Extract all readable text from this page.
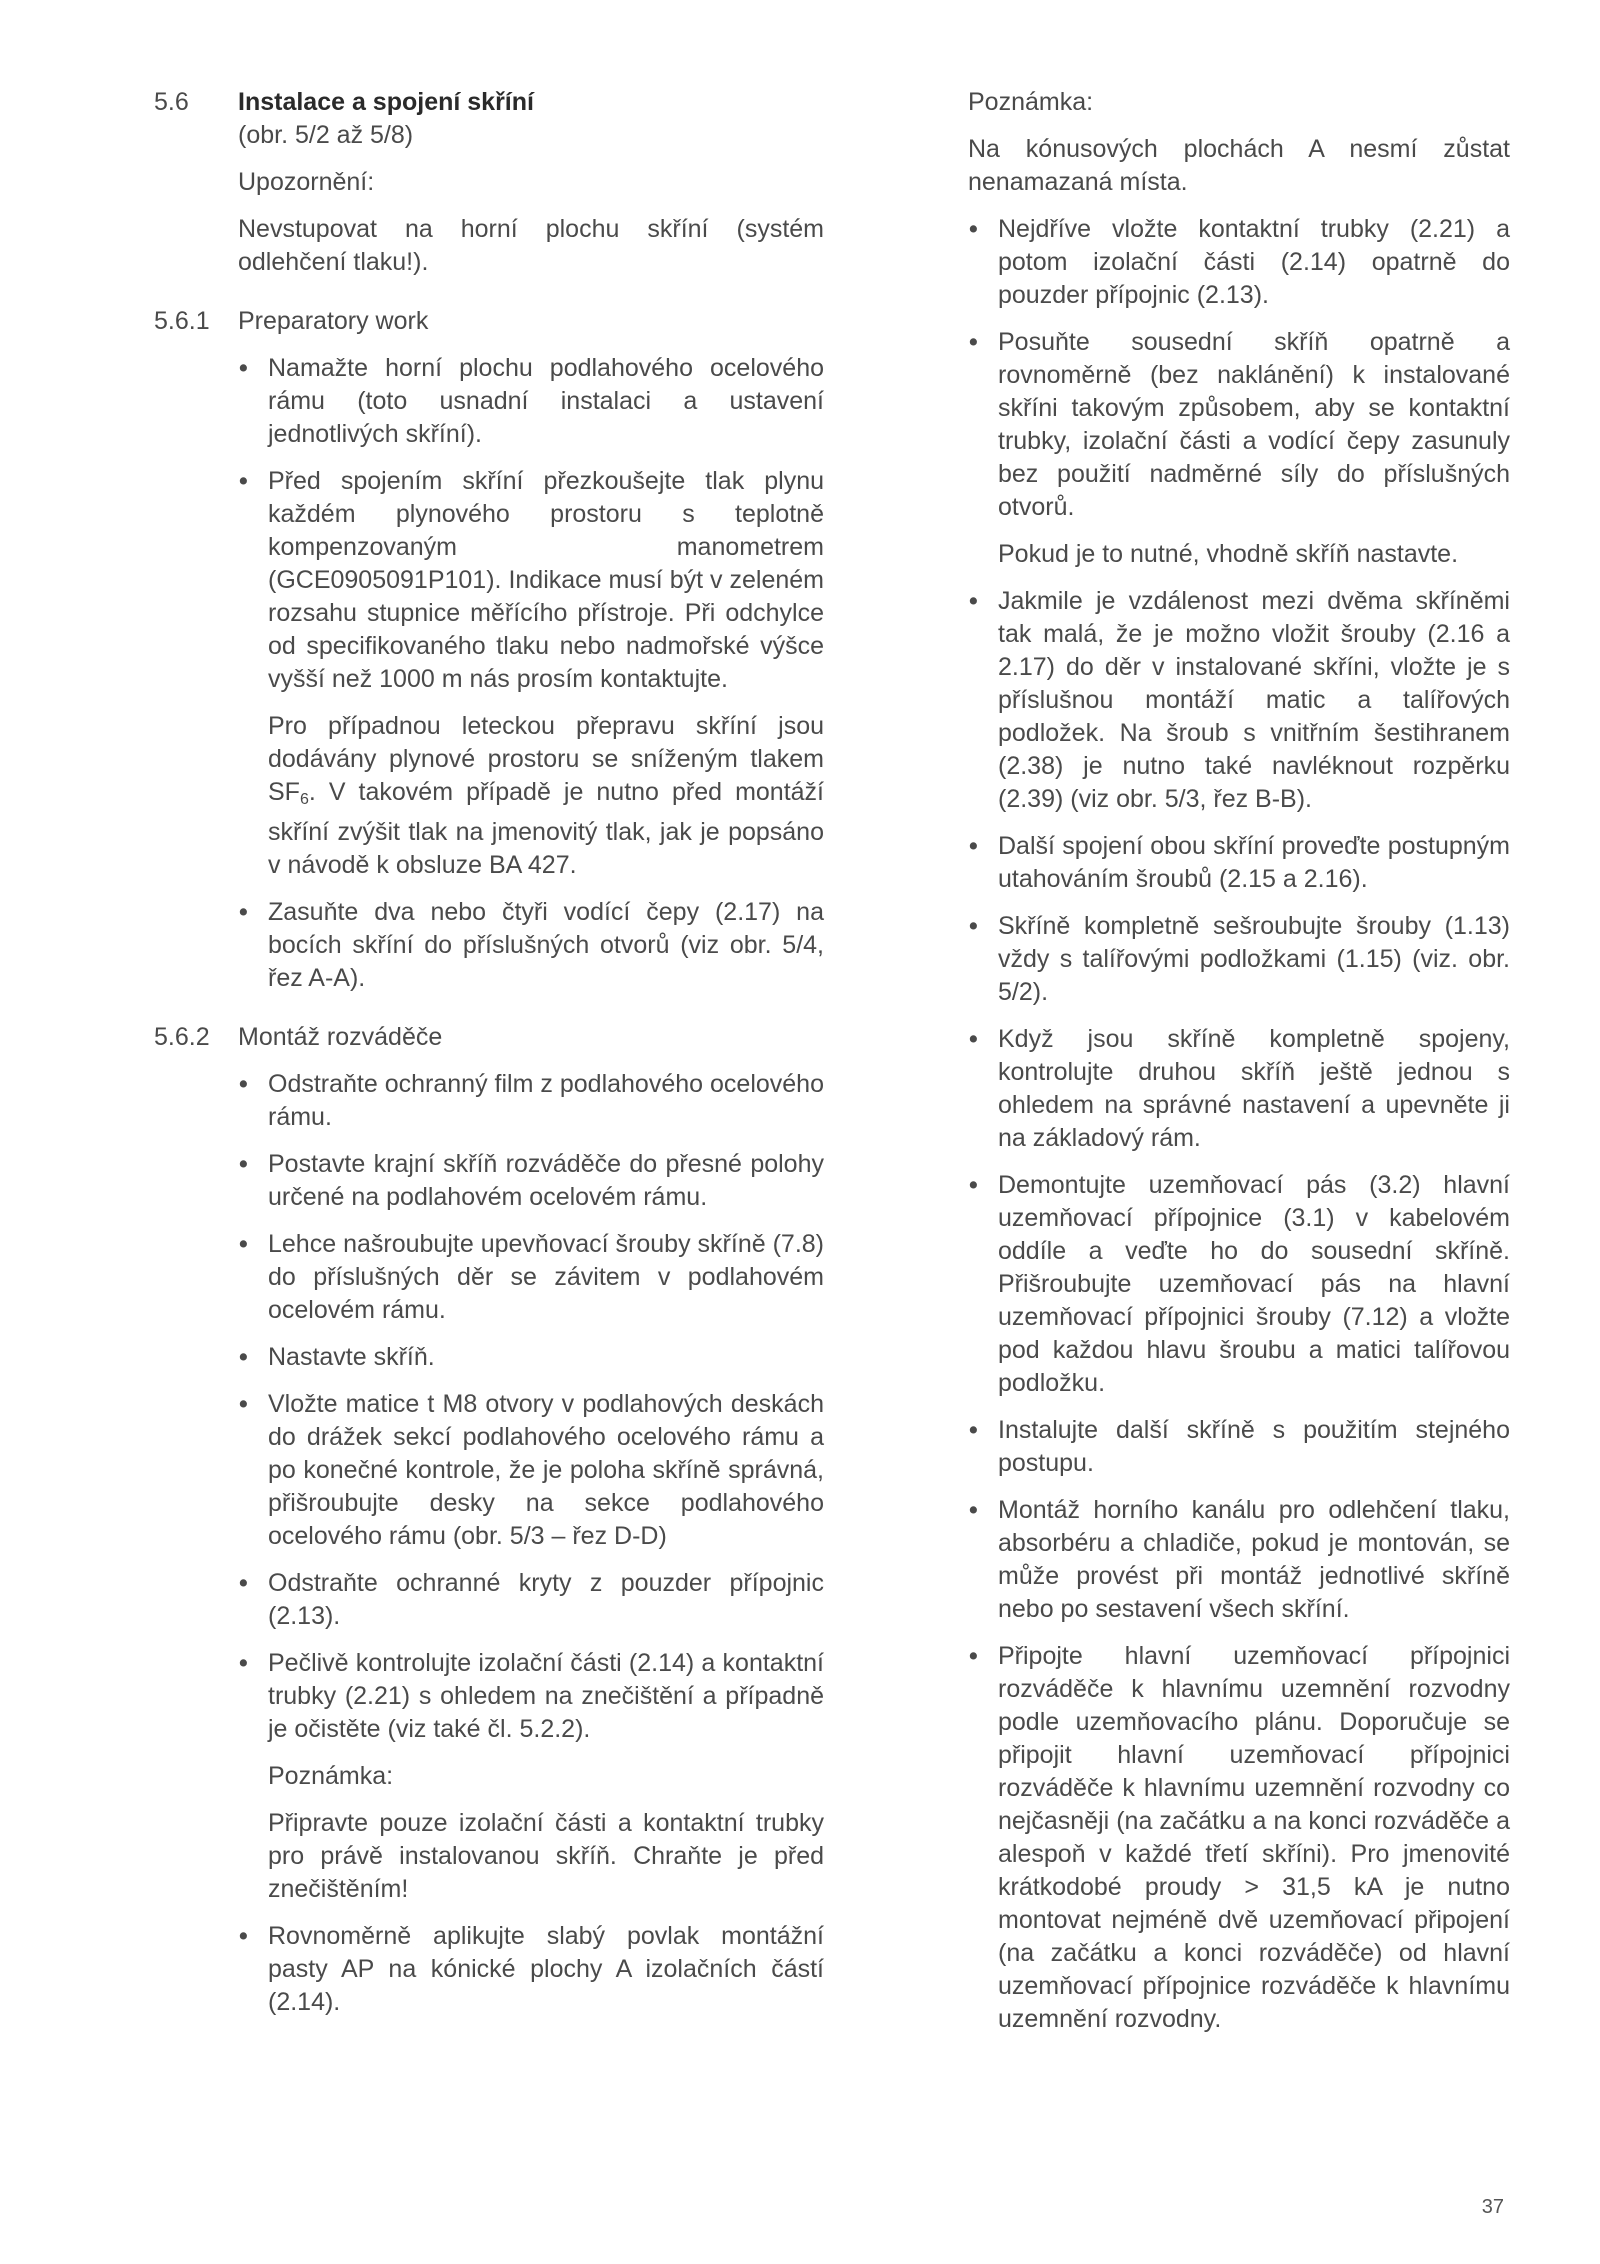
5.6	Instalace a spojení skříní

(obr. 5/2 až 5/8)

Upozornění:

Nevstupovat na horní plochu skříní (systém odlehčení tlaku!).

5.6.1	Preparatory work
• Namažte horní plochu podlahového ocelového rámu (toto usnadní instalaci a ustavení jednotlivých skříní).
• Před spojením skříní přezkoušejte tlak plynu každém plynového prostoru s teplotně kompenzovaným manometrem (GCE0905091P101). Indikace musí být v zeleném rozsahu stupnice měřícího přístroje. Při odchylce od specifikovaného tlaku nebo nadmořské výšce vyšší než 1000 m nás prosím kontaktujte.
Pro případnou leteckou přepravu skříní jsou dodávány plynové prostoru se sníženým tlakem $SF_6$. V takovém případě je nutno před montáží skříní zvýšit tlak na jmenovitý tlak, jak je popsáno v návodě k obsluze BA 427.
• Zasuňte dva nebo čtyři vodící čepy (2.17) na bocích skříní do příslušných otvorů (viz obr. 5/4, řez A-A).
5.6.2	Montáž rozváděče
• Odstraňte ochranný film z podlahového ocelového rámu.
• Postavte krajní skříň rozváděče do přesné polohy určené na podlahovém ocelovém rámu.
• Lehce našroubujte upevňovací šrouby skříně (7.8) do příslušných děr se závitem v podlahovém ocelovém rámu.
• Nastavte skříň.
• Vložte matice t M8 otvory v podlahových deskách do drážek sekcí podlahového ocelového rámu a po konečné kontrole, že je poloha skříně správná, přišroubujte desky na sekce podlahového ocelového rámu (obr. 5/3 – řez D-D)
• Odstraňte ochranné kryty z pouzder přípojnic (2.13).
• Pečlivě kontrolujte izolační části (2.14) a kontaktní trubky (2.21) s ohledem na znečištění a případně je očistěte (viz také čl. 5.2.2).
Poznámka:
Připravte pouze izolační části a kontaktní trubky pro právě instalovanou skříň. Chraňte je před znečištěním!
• Rovnoměrně aplikujte slabý povlak montážní pasty AP na kónické plochy A izolačních částí (2.14).

Poznámka:

Na kónusových plochách A nesmí zůstat nenamazaná místa.

• Nejdříve vložte kontaktní trubky (2.21) a potom izolační části (2.14) opatrně do pouzder přípojnic (2.13).
• Posuňte sousední skříň opatrně a rovnoměrně (bez naklánění) k instalované skříni takovým způsobem, aby se kontaktní trubky, izolační části a vodící čepy zasunuly bez použití nadměrné síly do příslušných otvorů.
Pokud je to nutné, vhodně skříň nastavte.
• Jakmile je vzdálenost mezi dvěma skříněmi tak malá, že je možno vložit šrouby (2.16 a 2.17) do děr v instalované skříni, vložte je s příslušnou montáží matic a talířových podložek. Na šroub s vnitřním šestihranem (2.38) je nutno také navléknout rozpěrku (2.39) (viz obr. 5/3, řez B-B).
• Další spojení obou skříní proveďte postupným utahováním šroubů (2.15 a 2.16).
• Skříně kompletně sešroubujte šrouby (1.13) vždy s talířovými podložkami (1.15) (viz. obr. 5/2).
• Když jsou skříně kompletně spojeny, kontrolujte druhou skříň ještě jednou s ohledem na správné nastavení a upevněte ji na základový rám.
• Demontujte uzemňovací pás (3.2) hlavní uzemňovací přípojnice (3.1) v kabelovém oddíle a veďte ho do sousední skříně. Přišroubujte uzemňovací pás na hlavní uzemňovací přípojnici šrouby (7.12) a vložte pod každou hlavu šroubu a matici talířovou podložku.
• Instalujte další skříně s použitím stejného postupu.
• Montáž horního kanálu pro odlehčení tlaku, absorbéru a chladiče, pokud je montován, se může provést při montáž jednotlivé skříně nebo po sestavení všech skříní.
• Připojte hlavní uzemňovací přípojnici rozváděče k hlavnímu uzemnění rozvodny podle uzemňovacího plánu. Doporučuje se připojit hlavní uzemňovací přípojnici rozváděče k hlavnímu uzemnění rozvodny co nejčasněji (na začátku a na konci rozváděče a alespoň v každé třetí skříni). Pro jmenovité krátkodobé proudy > 31,5 kA je nutno montovat nejméně dvě uzemňovací připojení (na začátku a konci rozváděče) od hlavní uzemňovací přípojnice rozváděče k hlavnímu uzemnění rozvodny.
37
